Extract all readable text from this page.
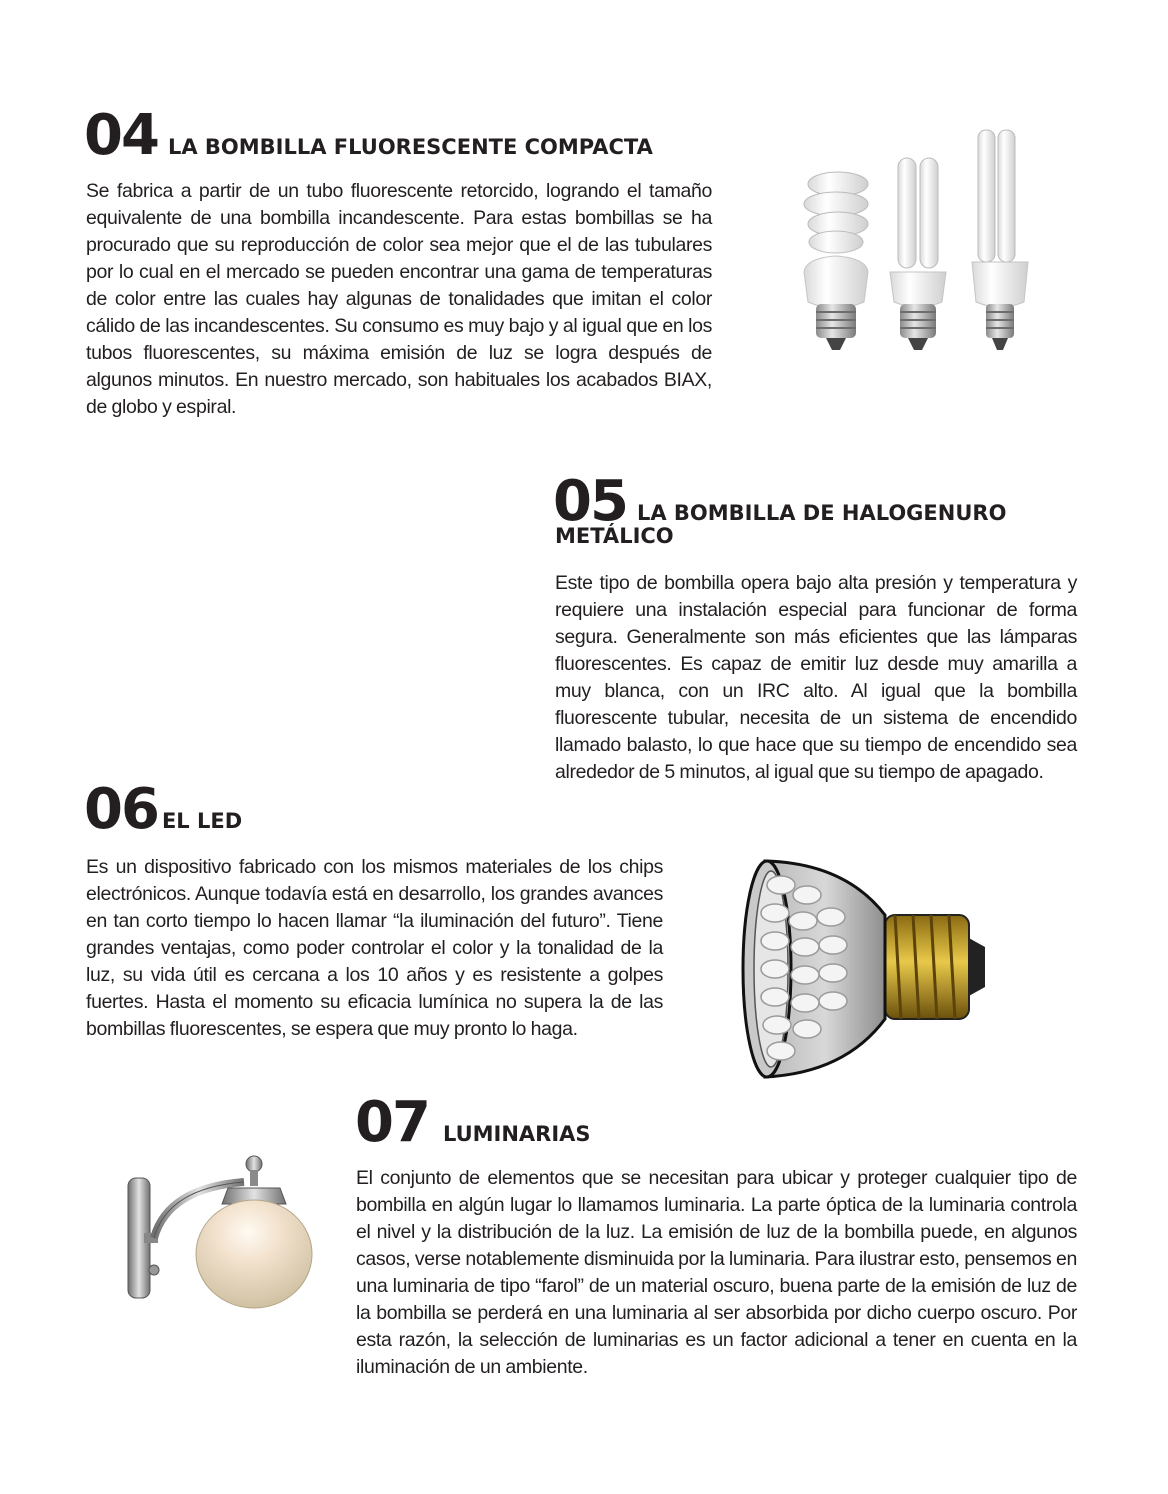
04 LA BOMBILLA FLUORESCENTE COMPACTA

Se fabrica a partir de un tubo fluorescente retorcido, logrando el tamaño equivalente de una bombilla incandescente. Para estas bombillas se ha procurado que su reproducción de color sea mejor que el de las tubulares por lo cual en el mercado se pueden encontrar una gama de temperaturas de color entre las cuales hay algunas de tonalidades que imitan el color cálido de las incandescentes. Su consumo es muy bajo y al igual que en los tubos fluorescentes, su máxima emisión de luz se logra después de algunos minutos. En nuestro mercado, son habituales los acabados BIAX, de globo y espiral.

05 LA BOMBILLA DE HALOGENURO
METÁLICO

Este tipo de bombilla opera bajo alta presión y temperatura y requiere una instalación especial para funcionar de forma segura. Generalmente son más eficientes que las lámparas fluorescentes. Es capaz de emitir luz desde muy amarilla a muy blanca, con un IRC alto. Al igual que la bombilla fluorescente tubular, necesita de un sistema de encendido llamado balasto, lo que hace que su tiempo de encendido sea alrededor de 5 minutos, al igual que su tiempo de apagado.

06 EL LED

Es un dispositivo fabricado con los mismos materiales de los chips electrónicos. Aunque todavía está en desarrollo, los grandes avances en tan corto tiempo lo hacen llamar “la iluminación del futuro”. Tiene grandes ventajas, como poder controlar el color y la tonalidad de la luz, su vida útil es cercana a los 10 años y es resistente a golpes fuertes. Hasta el momento su eficacia lumínica no supera la de las bombillas fluorescentes, se espera que muy pronto lo haga.

07 LUMINARIAS

El conjunto de elementos que se necesitan para ubicar y proteger cualquier tipo de bombilla en algún lugar lo llamamos luminaria. La parte óptica de la luminaria controla el nivel y la distribución de la luz. La emisión de luz de la bombilla puede, en algunos casos, verse notablemente disminuida por la luminaria. Para ilustrar esto, pensemos en una luminaria de tipo “farol” de un material oscuro, buena parte de la emisión de luz de la bombilla se perderá en una luminaria al ser absorbida por dicho cuerpo oscuro. Por esta razón, la selección de luminarias es un factor adicional a tener en cuenta en la iluminación de un ambiente.
